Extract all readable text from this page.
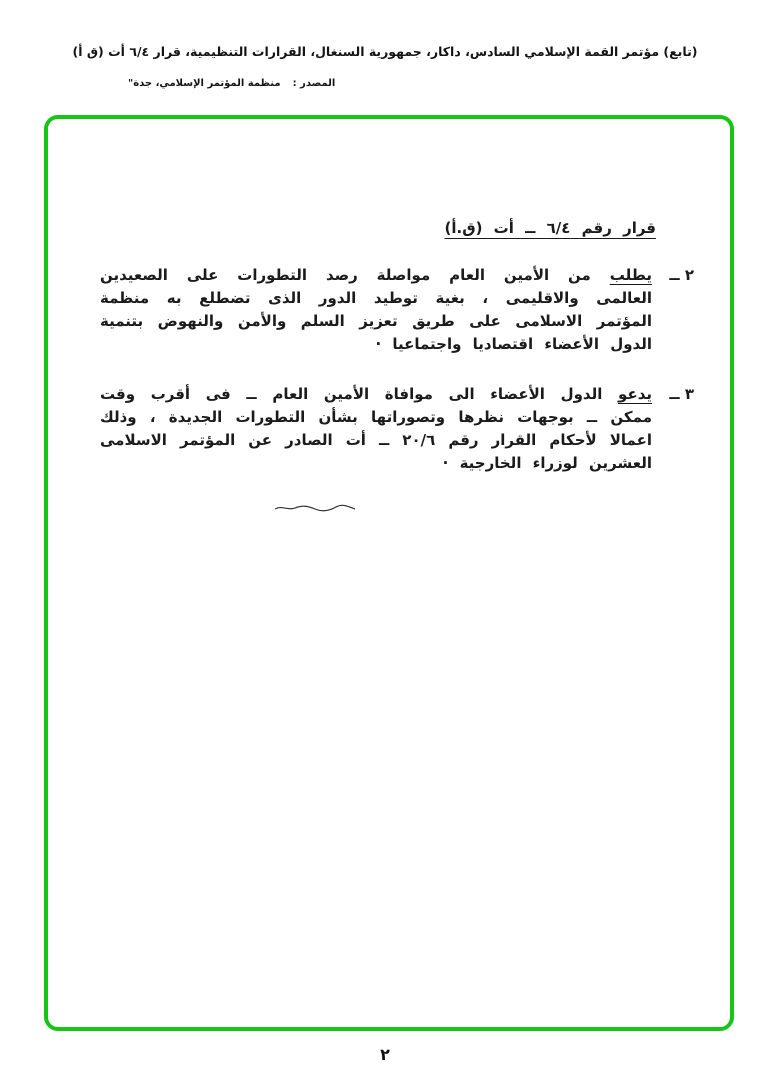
(تابع) مؤتمر القمة الإسلامي السادس، داكار، جمهورية السنغال، القرارات التنظيمية، قرار ٦/٤ أت (ق أ)
المصدر :
منظمة المؤتمر الإسلامي، جدة"
قرار رقم ٦/٤ ــ أت (ق.أ)
٢ ــ

يطلب من الأمين العام مواصلة رصد التطورات على الصعيدين العالمى والاقليمى ، بغية توطيد الدور الذى تضطلع به منظمة المؤتمر الاسلامى على طريق تعزيز السلم والأمن والنهوض بتنمية الدول الأعضاء اقتصاديا واجتماعيا ·

٣ ــ

يدعو الدول الأعضاء الى موافاة الأمين العام ــ فى أقرب وقت ممكن ــ بوجهات نظرها وتصوراتها بشأن التطورات الجديدة ، وذلك اعمالا لأحكام القرار رقم ٢٠/٦ ــ أت الصادر عن المؤتمر الاسلامى العشرين لوزراء الخارجية ·

٢
